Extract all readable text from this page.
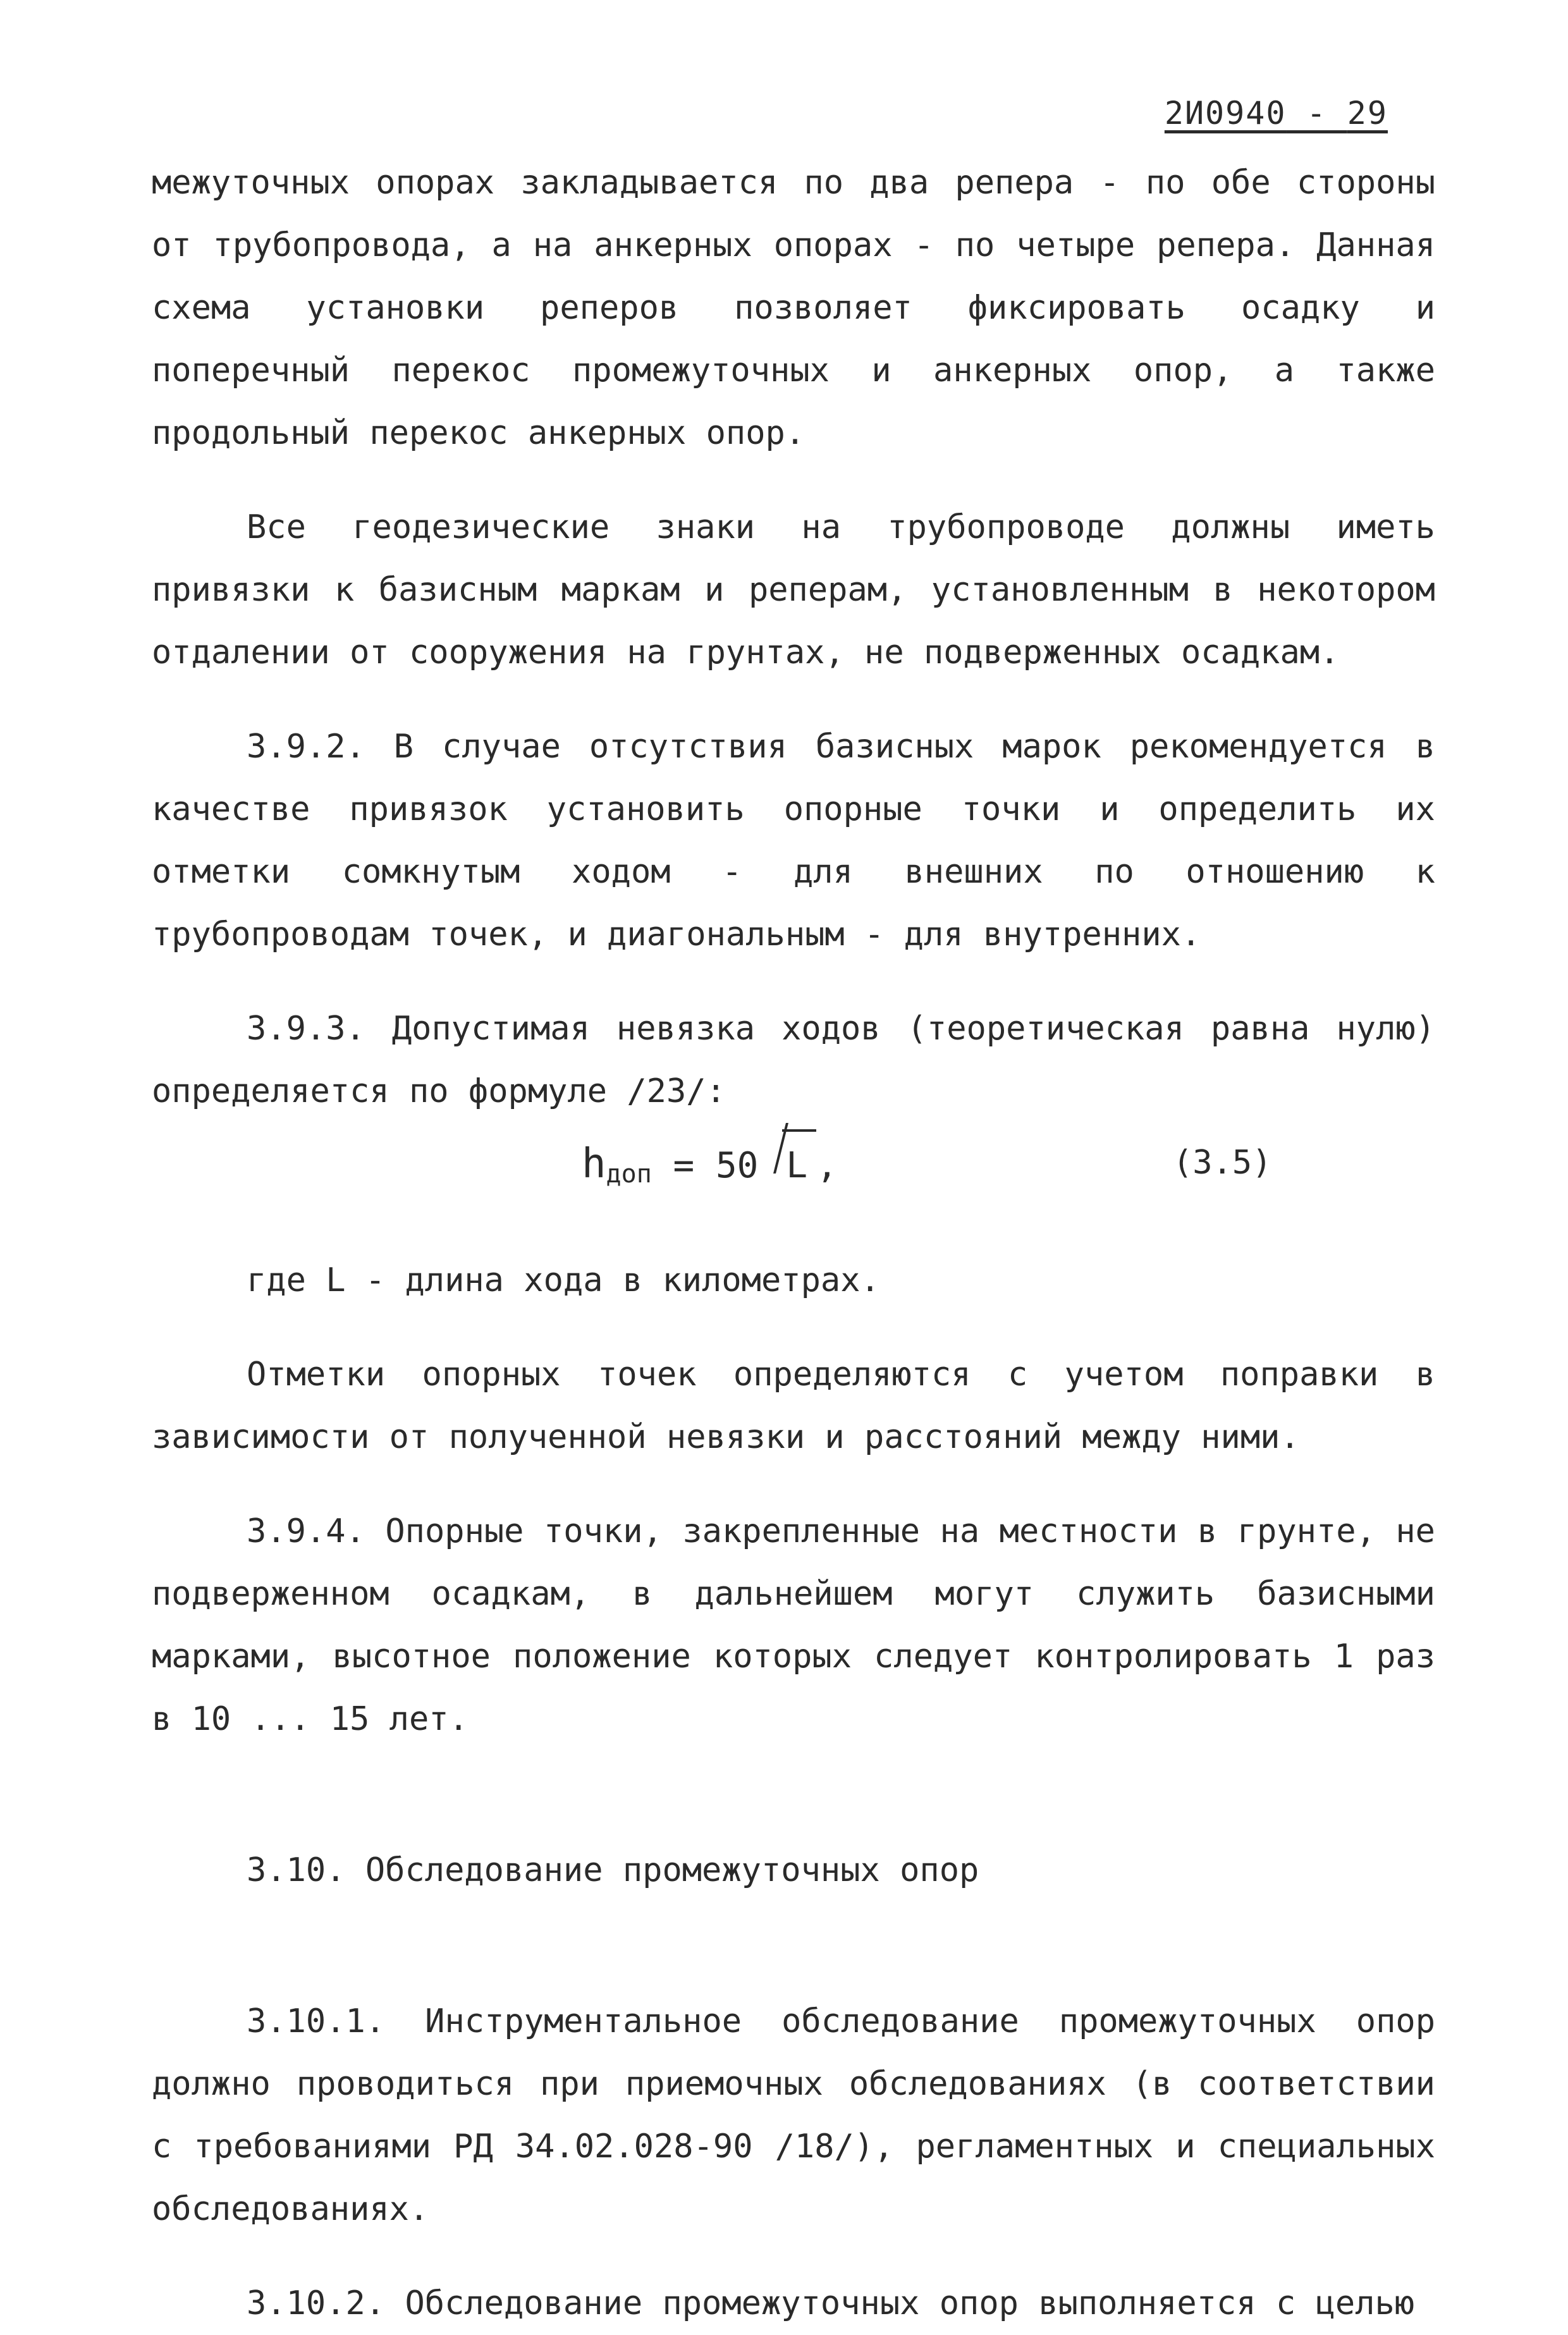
2И0940 - 29

межуточных опорах закладывается по два репера - по обе стороны от трубопровода, а на анкерных опорах - по четыре репера. Данная схема установки реперов позволяет фиксировать осадку и поперечный перекос промежуточных и анкерных опор, а также продольный перекос анкерных опор.

Все геодезические знаки на трубопроводе должны иметь привязки к базисным маркам и реперам, установленным в некотором отдалении от сооружения на грунтах, не подверженных осадкам.

3.9.2. В случае отсутствия базисных марок рекомендуется в качестве привязок установить опорные точки и определить их отметки сомкнутым ходом - для внешних по отношению к трубопроводам точек, и диагональным - для внутренних.

3.9.3. Допустимая невязка ходов (теоретическая равна нулю) определяется по формуле /23/:

hдоп = 50 L ,	(3.5)

где L - длина хода в километрах.

Отметки опорных точек определяются с учетом поправки в зависимости от полученной невязки и расстояний между ними.

3.9.4. Опорные точки, закрепленные на местности в грунте, не подверженном осадкам, в дальнейшем могут служить базисными марками, высотное положение которых следует контролировать 1 раз в 10 ... 15 лет.

3.10. Обследование промежуточных опор

3.10.1. Инструментальное обследование промежуточных опор должно проводиться при приемочных обследованиях (в соответствии с требованиями РД 34.02.028-90 /18/), регламентных и специальных обследованиях.

3.10.2. Обследование промежуточных опор выполняется с целью
